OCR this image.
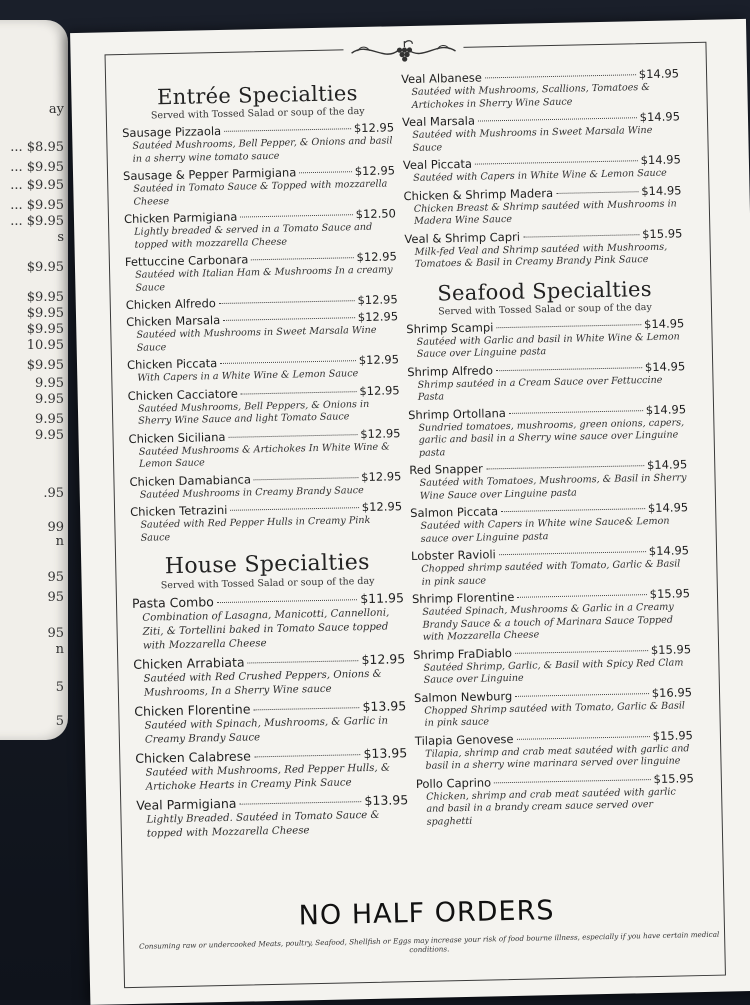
ay
... $8.95
... $9.95
... $9.95
... $9.95
... $9.95
s
$9.95
$9.95
$9.95
$9.95
10.95
$9.95
9.95
9.95
9.95
9.95
.95
99
n
95
95
95
n
5
5
Entrée Specialties
Served with Tossed Salad or soup of the day
Sausage Pizzaola	$12.95
Sautéed Mushrooms, Bell Pepper, & Onions and basil in a sherry wine tomato sauce
Sausage & Pepper Parmigiana	$12.95
Sautéed in Tomato Sauce & Topped with mozzarella Cheese
Chicken Parmigiana	$12.50
Lightly breaded & served in a Tomato Sauce and topped with mozzarella Cheese
Fettuccine Carbonara	$12.95
Sautéed with Italian Ham & Mushrooms In a creamy Sauce
Chicken Alfredo	$12.95
Chicken Marsala	$12.95
Sautéed with Mushrooms in Sweet Marsala Wine Sauce
Chicken Piccata	$12.95
With Capers in a White Wine & Lemon Sauce
Chicken Cacciatore	$12.95
Sautéed Mushrooms, Bell Peppers, & Onions in Sherry Wine Sauce and light Tomato Sauce
Chicken Siciliana	$12.95
Sautéed Mushrooms & Artichokes In White Wine & Lemon Sauce
Chicken Damabianca	$12.95
Sautéed Mushrooms in Creamy Brandy Sauce
Chicken Tetrazini	$12.95
Sautéed with Red Pepper Hulls in Creamy Pink Sauce
House Specialties
Served with Tossed Salad or soup of the day
Pasta Combo	$11.95
Combination of Lasagna, Manicotti, Cannelloni, Ziti, & Tortellini baked in Tomato Sauce topped with Mozzarella Cheese
Chicken Arrabiata	$12.95
Sautéed with Red Crushed Peppers, Onions & Mushrooms, In a Sherry Wine sauce
Chicken Florentine	$13.95
Sautéed with Spinach, Mushrooms, & Garlic in Creamy Brandy Sauce
Chicken Calabrese	$13.95
Sautéed with Mushrooms, Red Pepper Hulls, & Artichoke Hearts in Creamy Pink Sauce
Veal Parmigiana	$13.95
Lightly Breaded. Sautéed in Tomato Sauce & topped with Mozzarella Cheese
Veal Albanese	$14.95
Sautéed with Mushrooms, Scallions, Tomatoes & Artichokes in Sherry Wine Sauce
Veal Marsala	$14.95
Sautéed with Mushrooms in Sweet Marsala Wine Sauce
Veal Piccata	$14.95
Sautéed with Capers in White Wine & Lemon Sauce
Chicken & Shrimp Madera	$14.95
Chicken Breast & Shrimp sautéed with Mushrooms in Madera Wine Sauce
Veal & Shrimp Capri	$15.95
Milk-fed Veal and Shrimp sautéed with Mushrooms, Tomatoes & Basil in Creamy Brandy Pink Sauce
Seafood Specialties
Served with Tossed Salad or soup of the day
Shrimp Scampi	$14.95
Sautéed with Garlic and basil in White Wine & Lemon Sauce over Linguine pasta
Shrimp Alfredo	$14.95
Shrimp sautéed in a Cream Sauce over Fettuccine Pasta
Shrimp Ortollana	$14.95
Sundried tomatoes, mushrooms, green onions, capers, garlic and basil in a Sherry wine sauce over Linguine pasta
Red Snapper	$14.95
Sautéed with Tomatoes, Mushrooms, & Basil in Sherry Wine Sauce over Linguine pasta
Salmon Piccata	$14.95
Sautéed with Capers in White wine Sauce& Lemon sauce over Linguine pasta
Lobster Ravioli	$14.95
Chopped shrimp sautéed with Tomato, Garlic & Basil in pink sauce
Shrimp Florentine	$15.95
Sautéed Spinach, Mushrooms & Garlic in a Creamy Brandy Sauce & a touch of Marinara Sauce Topped with Mozzarella Cheese
Shrimp FraDiablo	$15.95
Sautéed Shrimp, Garlic, & Basil with Spicy Red Clam Sauce over Linguine
Salmon Newburg	$16.95
Chopped Shrimp sautéed with Tomato, Garlic & Basil in pink sauce
Tilapia Genovese	$15.95
Tilapia, shrimp and crab meat sautéed with garlic and basil in a sherry wine marinara served over linguine
Pollo Caprino	$15.95
Chicken, shrimp and crab meat sautéed with garlic and basil in a brandy cream sauce served over spaghetti
NO HALF ORDERS
Consuming raw or undercooked Meats, poultry, Seafood, Shellfish or Eggs may increase your risk of food bourne illness, especially if you have certain medical conditions.
